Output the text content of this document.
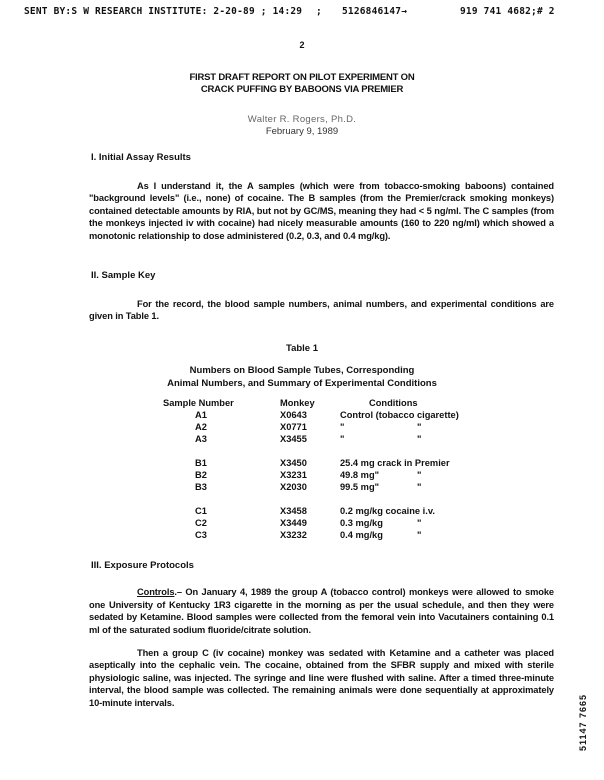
SENT BY:S W RESEARCH INSTITUTE: 2-20-89 ; 14:29 ; 5126846147→	919 741 4682;# 2
2
FIRST DRAFT REPORT ON PILOT EXPERIMENT ON
CRACK PUFFING BY BABOONS VIA PREMIER
Walter R. Rogers, Ph.D.
February 9, 1989
I. Initial Assay Results
As I understand it, the A samples (which were from tobacco-smoking baboons) contained "background levels" (i.e., none) of cocaine. The B samples (from the Premier/crack smoking monkeys) contained detectable amounts by RIA, but not by GC/MS, meaning they had < 5 ng/ml. The C samples (from the monkeys injected iv with cocaine) had nicely measurable amounts (160 to 220 ng/ml) which showed a monotonic relationship to dose administered (0.2, 0.3, and 0.4 mg/kg).
II. Sample Key
For the record, the blood sample numbers, animal numbers, and experimental conditions are given in Table 1.
Table 1
Numbers on Blood Sample Tubes, Corresponding
Animal Numbers, and Summary of Experimental Conditions
Sample Number	Monkey	Conditions
A1	X0643	Control (tobacco cigarette)
A2	X0771	"	"
A3	X3455	"	"
B1	X3450	25.4 mg crack in Premier
B2	X3231	49.8 mg"	"
B3	X2030	99.5 mg"	"
C1	X3458	0.2 mg/kg cocaine i.v.
C2	X3449	0.3 mg/kg	"
C3	X3232	0.4 mg/kg	"
III. Exposure Protocols
Controls.– On January 4, 1989 the group A (tobacco control) monkeys were allowed to smoke one University of Kentucky 1R3 cigarette in the morning as per the usual schedule, and then they were sedated by Ketamine. Blood samples were collected from the femoral vein into Vacutainers containing 0.1 ml of the saturated sodium fluoride/citrate solution.
Then a group C (iv cocaine) monkey was sedated with Ketamine and a catheter was placed aseptically into the cephalic vein. The cocaine, obtained from the SFBR supply and mixed with sterile physiologic saline, was injected. The syringe and line were flushed with saline. After a timed three-minute interval, the blood sample was collected. The remaining animals were done sequentially at approximately 10-minute intervals.	51147 7665
